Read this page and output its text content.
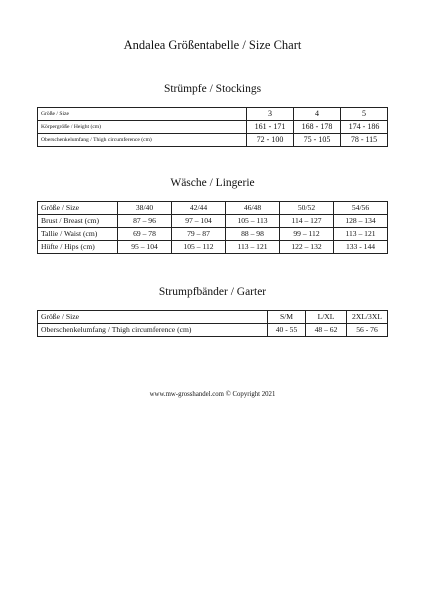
Andalea Größentabelle / Size Chart
Strümpfe / Stockings
Größe / Size	3	4	5
Körpergröße / Height (cm)	161 - 171	168 - 178	174 - 186
Oberschenkelumfang / Thigh circumference (cm)	72 - 100	75 - 105	78 - 115
Wäsche / Lingerie
Größe / Size	38/40	42/44	46/48	50/52	54/56
Brust / Breast (cm)	87 – 96	97 – 104	105 – 113	114 – 127	128 – 134
Tallie / Waist (cm)	69 – 78	79 – 87	88 – 98	99 – 112	113 – 121
Hüfte / Hips (cm)	95 – 104	105 – 112	113 – 121	122 – 132	133 - 144
Strumpfbänder / Garter
Größe / Size	S/M	L/XL	2XL/3XL
Oberschenkelumfang / Thigh circumference (cm)	40 - 55	48 – 62	56 - 76
www.mw-grosshandel.com © Copyright 2021
